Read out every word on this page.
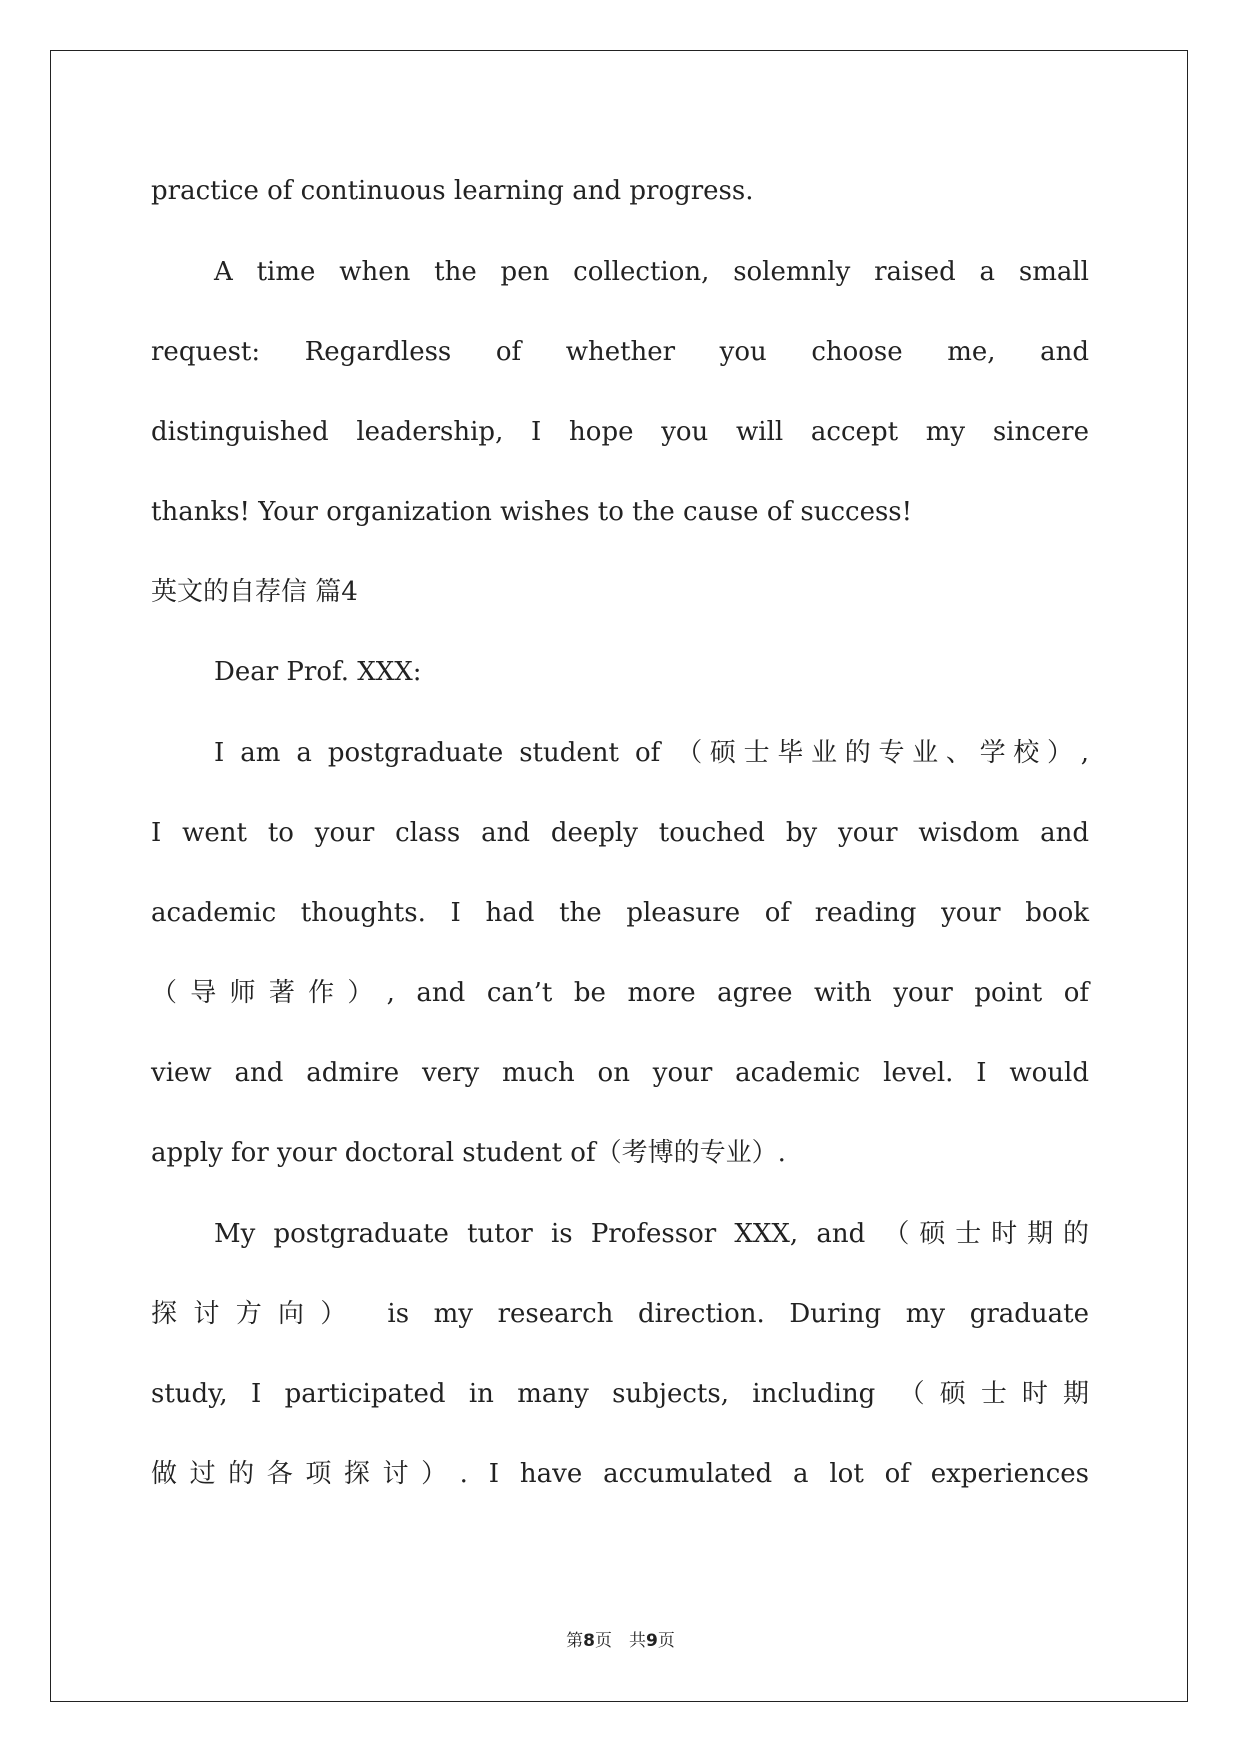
practice of continuous learning and progress.
A time when the pen collection, solemnly raised a small
request:  Regardless  of  whether  you  choose  me,  and
distinguished leadership, I hope you will accept my sincere
thanks! Your organization wishes to the cause of success!
英文的自荐信 篇4
Dear Prof. XXX:
I am a postgraduate student of （硕士毕业的专业、学校）,
I went to your class and deeply touched by your wisdom and
academic thoughts. I had the pleasure of reading your book
（导师著作）, and can’t be more agree with your point of
view and admire very much on your academic level. I would
apply for your doctoral student of（考博的专业）.
My postgraduate tutor is Professor XXX, and （硕士时期的
探讨方向） is my research direction. During my graduate
study, I participated in many subjects, including （硕士时期
做过的各项探讨）. I have accumulated a lot of experiences
第8页　共9页
